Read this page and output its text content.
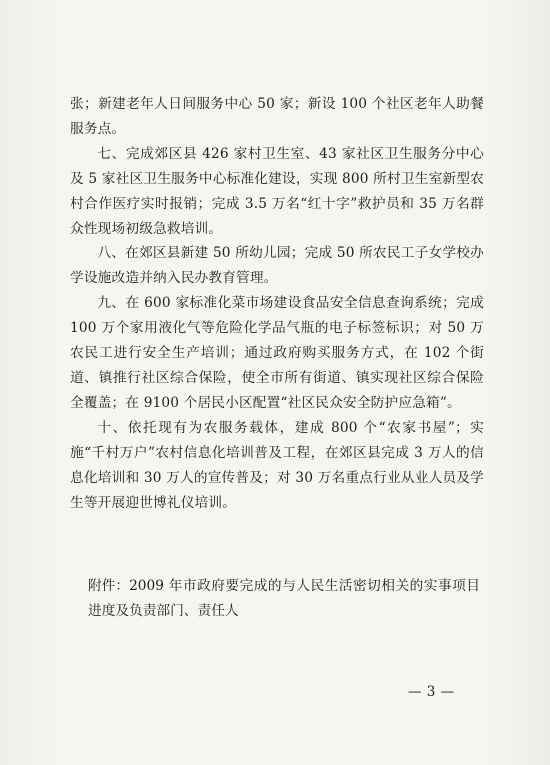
张；新建老年人日间服务中心 50 家；新设 100 个社区老年人助餐服务点。

七、完成郊区县 426 家村卫生室、43 家社区卫生服务分中心及 5 家社区卫生服务中心标准化建设，实现 800 所村卫生室新型农村合作医疗实时报销；完成 3.5 万名“红十字”救护员和 35 万名群众性现场初级急救培训。

八、在郊区县新建 50 所幼儿园；完成 50 所农民工子女学校办学设施改造并纳入民办教育管理。

九、在 600 家标准化菜市场建设食品安全信息查询系统；完成 100 万个家用液化气等危险化学品气瓶的电子标签标识；对 50 万农民工进行安全生产培训；通过政府购买服务方式，在 102 个街道、镇推行社区综合保险，使全市所有街道、镇实现社区综合保险全覆盖；在 9100 个居民小区配置“社区民众安全防护应急箱”。

十、依托现有为农服务载体，建成 800 个“农家书屋”；实施“千村万户”农村信息化培训普及工程，在郊区县完成 3 万人的信息化培训和 30 万人的宣传普及；对 30 万名重点行业从业人员及学生等开展迎世博礼仪培训。

附件： 2009 年市政府要完成的与人民生活密切相关的实事项目进度及负责部门、责任人
— 3 —
